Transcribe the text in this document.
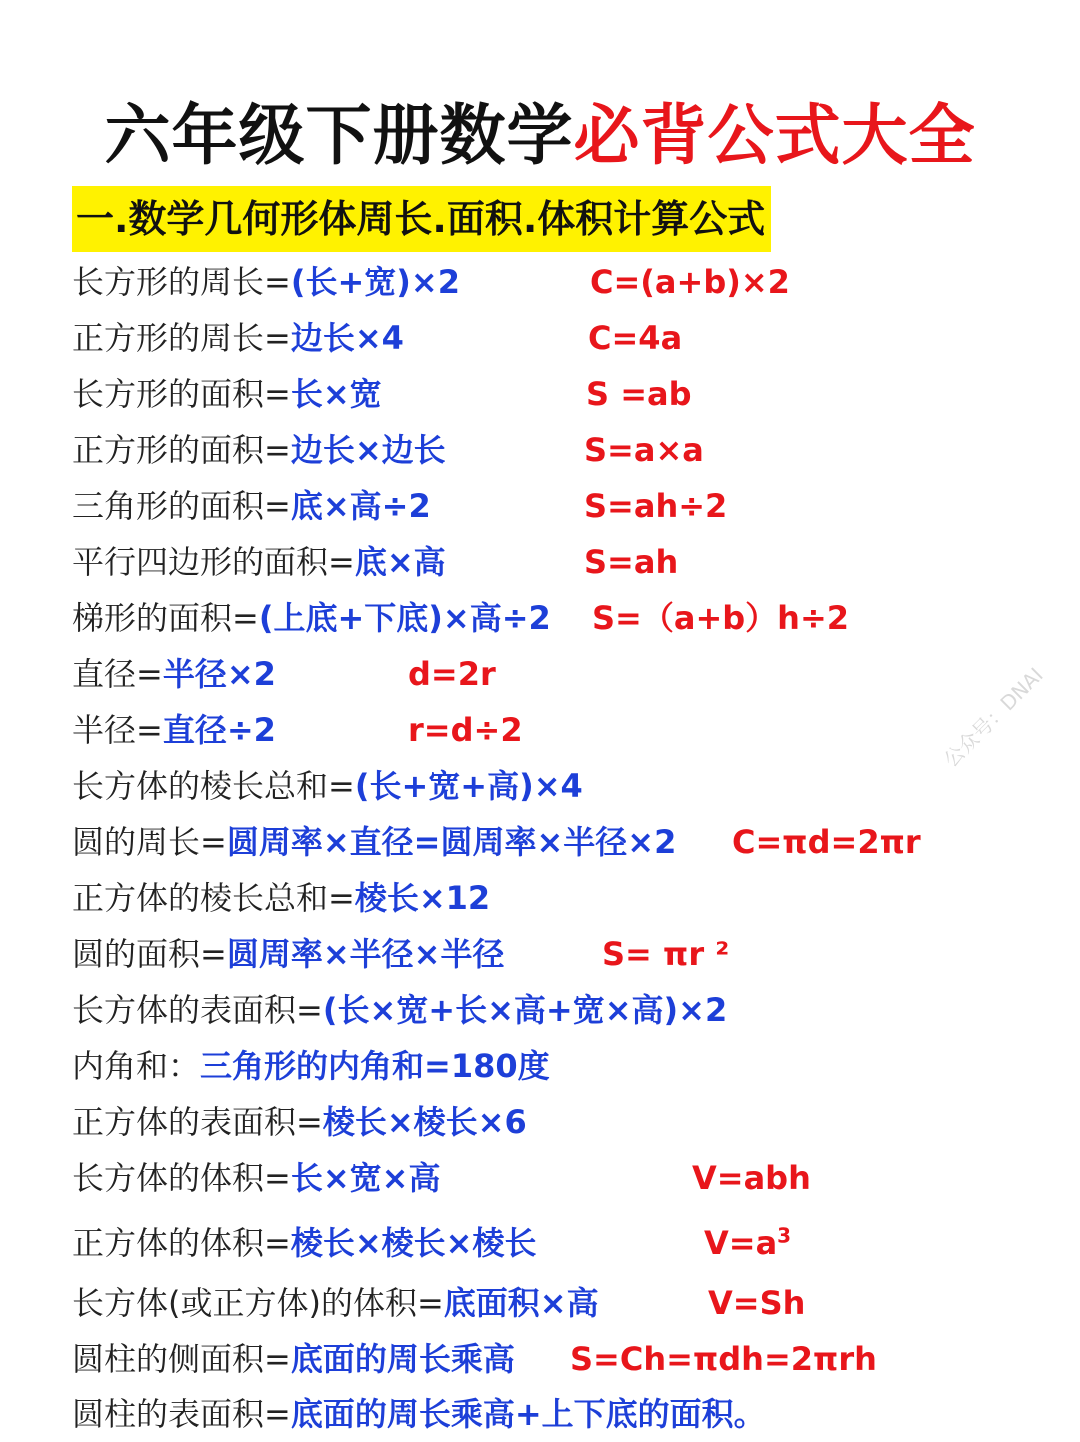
六年级下册数学必背公式大全
一.数学几何形体周长.面积.体积计算公式
长方形的周长=(长+宽)×2	C=(a+b)×2
正方形的周长=边长×4	C=4a
长方形的面积=长×宽	S =ab
正方形的面积=边长×边长	S=a×a
三角形的面积=底×高÷2	S=ah÷2
平行四边形的面积=底×高	S=ah
梯形的面积=(上底+下底)×高÷2 S=（a+b）h÷2
直径=半径×2	d=2r
半径=直径÷2	r=d÷2
长方体的棱长总和=(长+宽+高)×4
圆的周长=圆周率×直径=圆周率×半径×2 C=πd=2πr
正方体的棱长总和=棱长×12
圆的面积=圆周率×半径×半径	S= πr ²
长方体的表面积=(长×宽+长×高+宽×高)×2
内角和：三角形的内角和=180度
正方体的表面积=棱长×棱长×6
长方体的体积=长×宽×高	V=abh
正方体的体积=棱长×棱长×棱长	$V=a^3$
长方体(或正方体)的体积=底面积×高	V=Sh
圆柱的侧面积=底面的周长乘高 S=Ch=πdh=2πrh
圆柱的表面积=底面的周长乘高+上下底的面积。
公众号：DNAI
